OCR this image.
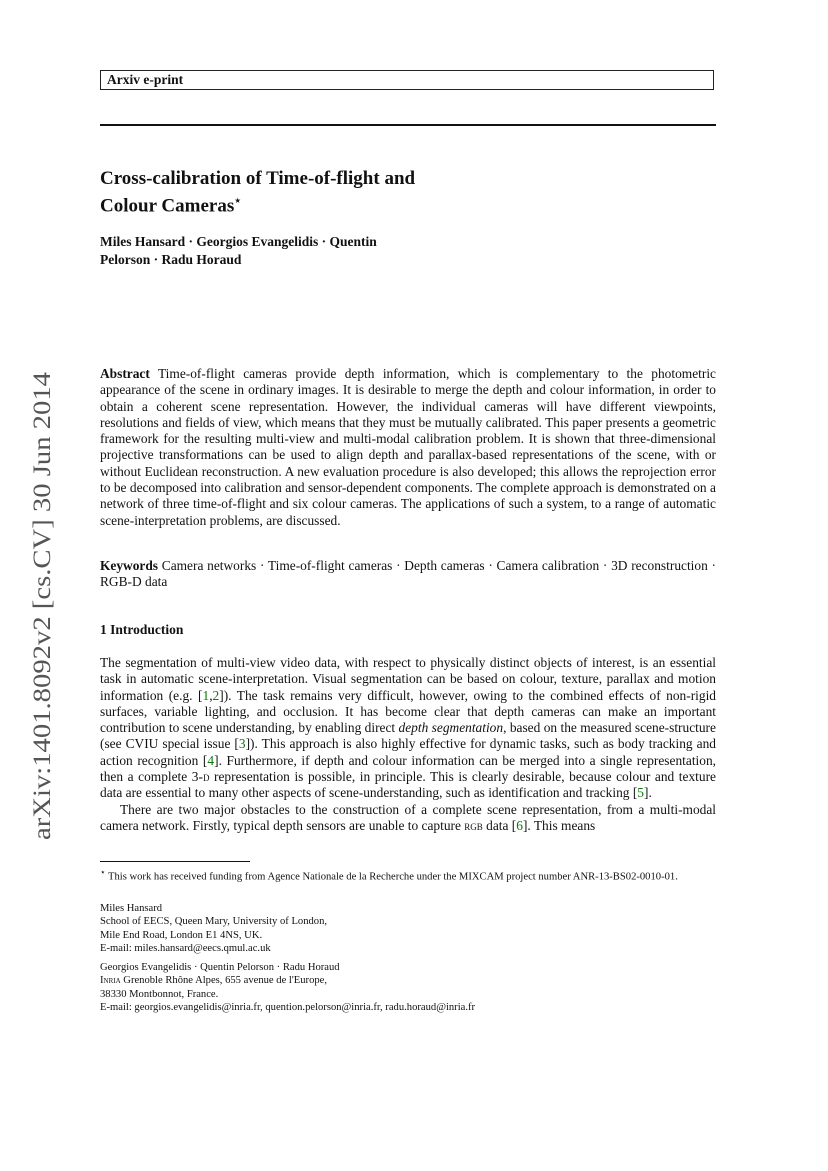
arXiv:1401.8092v2 [cs.CV] 30 Jun 2014
Arxiv e-print
Cross-calibration of Time-of-flight and
Colour Cameras⋆
Miles Hansard · Georgios Evangelidis · Quentin
Pelorson · Radu Horaud
Abstract Time-of-flight cameras provide depth information, which is complementary to the photometric appearance of the scene in ordinary images. It is desirable to merge the depth and colour information, in order to obtain a coherent scene representation. However, the individual cameras will have different viewpoints, resolutions and fields of view, which means that they must be mutually calibrated. This paper presents a geometric framework for the resulting multi-view and multi-modal calibration problem. It is shown that three-dimensional projective transformations can be used to align depth and parallax-based representations of the scene, with or without Euclidean reconstruction. A new evaluation procedure is also developed; this allows the reprojection error to be decomposed into calibration and sensor-dependent components. The complete approach is demonstrated on a network of three time-of-flight and six colour cameras. The applications of such a system, to a range of automatic scene-interpretation problems, are discussed.
Keywords Camera networks · Time-of-flight cameras · Depth cameras · Camera calibration · 3D reconstruction · RGB-D data
1 Introduction

The segmentation of multi-view video data, with respect to physically distinct objects of interest, is an essential task in automatic scene-interpretation. Visual segmentation can be based on colour, texture, parallax and motion information (e.g. [1,2]). The task remains very difficult, however, owing to the combined effects of non-rigid surfaces, variable lighting, and occlusion. It has become clear that depth cameras can make an important contribution to scene understanding, by enabling direct depth segmentation, based on the measured scene-structure (see CVIU special issue [3]). This approach is also highly effective for dynamic tasks, such as body tracking and action recognition [4]. Furthermore, if depth and colour information can be merged into a single representation, then a complete 3-d representation is possible, in principle. This is clearly desirable, because colour and texture data are essential to many other aspects of scene-understanding, such as identification and tracking [5].

There are two major obstacles to the construction of a complete scene representation, from a multi-modal camera network. Firstly, typical depth sensors are unable to capture rgb data [6]. This means

⋆ This work has received funding from Agence Nationale de la Recherche under the MIXCAM project number ANR-13-BS02-0010-01.
Miles Hansard
School of EECS, Queen Mary, University of London,
Mile End Road, London E1 4NS, UK.
E-mail: miles.hansard@eecs.qmul.ac.uk
Georgios Evangelidis · Quentin Pelorson · Radu Horaud
Inria Grenoble Rhône Alpes, 655 avenue de l'Europe,
38330 Montbonnot, France.
E-mail: georgios.evangelidis@inria.fr, quention.pelorson@inria.fr, radu.horaud@inria.fr
